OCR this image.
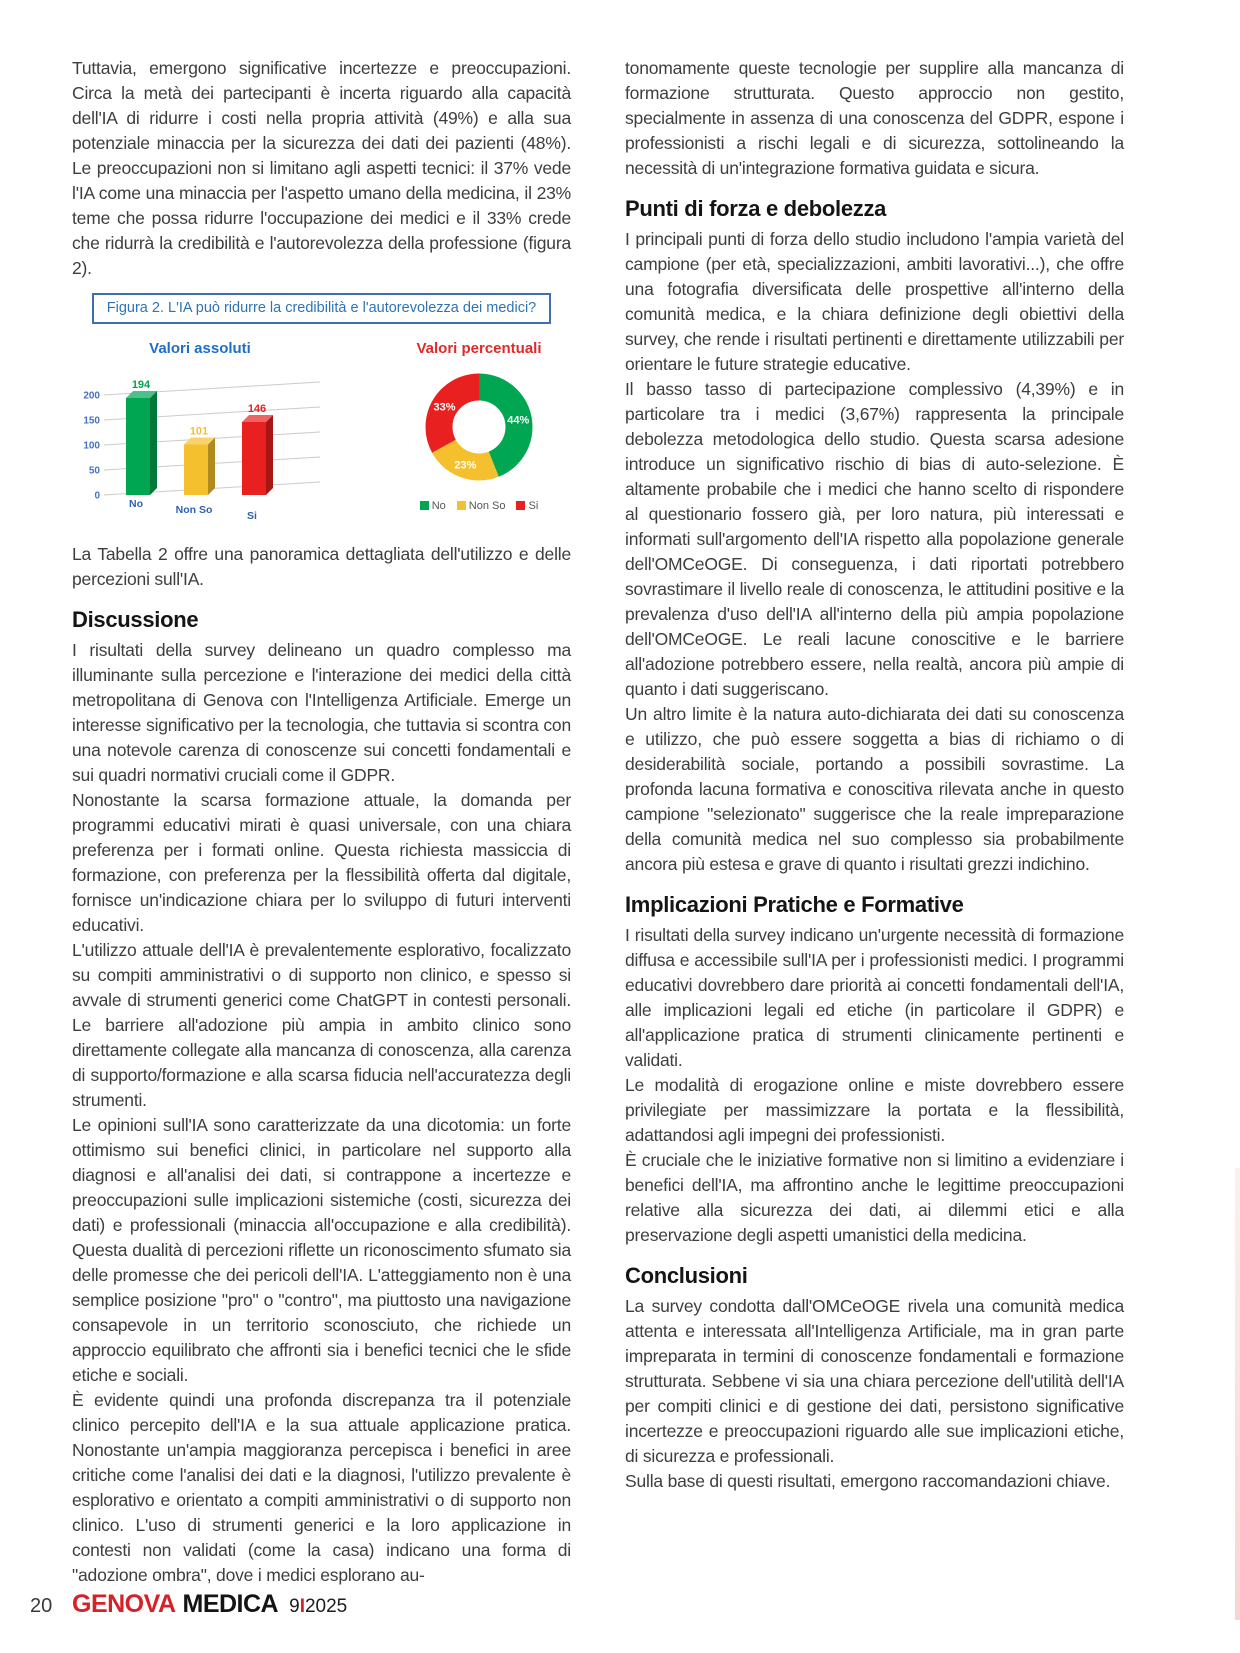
Tuttavia, emergono significative incertezze e preoccupazioni. Circa la metà dei partecipanti è incerta riguardo alla capacità dell'IA di ridurre i costi nella propria attività (49%) e alla sua potenziale minaccia per la sicurezza dei dati dei pazienti (48%). Le preoccupazioni non si limitano agli aspetti tecnici: il 37% vede l'IA come una minaccia per l'aspetto umano della medicina, il 23% teme che possa ridurre l'occupazione dei medici e il 33% crede che ridurrà la credibilità e l'autorevolezza della professione (figura 2).

Figura 2. L'IA può ridurre la credibilità e l'autorevolezza dei medici?
Valori assoluti
0
50
100
150
200
194
101
146
No	Non So	Si
Valori percentuali
44%
23%
33%
No	Non So	Si

La Tabella 2 offre una panoramica dettagliata dell'utilizzo e delle percezioni sull'IA.

Discussione

I risultati della survey delineano un quadro complesso ma illuminante sulla percezione e l'interazione dei medici della città metropolitana di Genova con l'Intelligenza Artificiale. Emerge un interesse significativo per la tecnologia, che tuttavia si scontra con una notevole carenza di conoscenze sui concetti fondamentali e sui quadri normativi cruciali come il GDPR.

Nonostante la scarsa formazione attuale, la domanda per programmi educativi mirati è quasi universale, con una chiara preferenza per i formati online. Questa richiesta massiccia di formazione, con preferenza per la flessibilità offerta dal digitale, fornisce un'indicazione chiara per lo sviluppo di futuri interventi educativi.

L'utilizzo attuale dell'IA è prevalentemente esplorativo, focalizzato su compiti amministrativi o di supporto non clinico, e spesso si avvale di strumenti generici come ChatGPT in contesti personali. Le barriere all'adozione più ampia in ambito clinico sono direttamente collegate alla mancanza di conoscenza, alla carenza di supporto/formazione e alla scarsa fiducia nell'accuratezza degli strumenti.

Le opinioni sull'IA sono caratterizzate da una dicotomia: un forte ottimismo sui benefici clinici, in particolare nel supporto alla diagnosi e all'analisi dei dati, si contrappone a incertezze e preoccupazioni sulle implicazioni sistemiche (costi, sicurezza dei dati) e professionali (minaccia all'occupazione e alla credibilità). Questa dualità di percezioni riflette un riconoscimento sfumato sia delle promesse che dei pericoli dell'IA. L'atteggiamento non è una semplice posizione "pro" o "contro", ma piuttosto una navigazione consapevole in un territorio sconosciuto, che richiede un approccio equilibrato che affronti sia i benefici tecnici che le sfide etiche e sociali.

È evidente quindi una profonda discrepanza tra il potenziale clinico percepito dell'IA e la sua attuale applicazione pratica. Nonostante un'ampia maggioranza percepisca i benefici in aree critiche come l'analisi dei dati e la diagnosi, l'utilizzo prevalente è esplorativo e orientato a compiti amministrativi o di supporto non clinico. L'uso di strumenti generici e la loro applicazione in contesti non validati (come la casa) indicano una forma di "adozione ombra", dove i medici esplorano au-

tonomamente queste tecnologie per supplire alla mancanza di formazione strutturata. Questo approccio non gestito, specialmente in assenza di una conoscenza del GDPR, espone i professionisti a rischi legali e di sicurezza, sottolineando la necessità di un'integrazione formativa guidata e sicura.

Punti di forza e debolezza

I principali punti di forza dello studio includono l'ampia varietà del campione (per età, specializzazioni, ambiti lavorativi...), che offre una fotografia diversificata delle prospettive all'interno della comunità medica, e la chiara definizione degli obiettivi della survey, che rende i risultati pertinenti e direttamente utilizzabili per orientare le future strategie educative.

Il basso tasso di partecipazione complessivo (4,39%) e in particolare tra i medici (3,67%) rappresenta la principale debolezza metodologica dello studio. Questa scarsa adesione introduce un significativo rischio di bias di auto-selezione. È altamente probabile che i medici che hanno scelto di rispondere al questionario fossero già, per loro natura, più interessati e informati sull'argomento dell'IA rispetto alla popolazione generale dell'OMCeOGE. Di conseguenza, i dati riportati potrebbero sovrastimare il livello reale di conoscenza, le attitudini positive e la prevalenza d'uso dell'IA all'interno della più ampia popolazione dell'OMCeOGE. Le reali lacune conoscitive e le barriere all'adozione potrebbero essere, nella realtà, ancora più ampie di quanto i dati suggeriscano.

Un altro limite è la natura auto-dichiarata dei dati su conoscenza e utilizzo, che può essere soggetta a bias di richiamo o di desiderabilità sociale, portando a possibili sovrastime. La profonda lacuna formativa e conoscitiva rilevata anche in questo campione "selezionato" suggerisce che la reale impreparazione della comunità medica nel suo complesso sia probabilmente ancora più estesa e grave di quanto i risultati grezzi indichino.

Implicazioni Pratiche e Formative

I risultati della survey indicano un'urgente necessità di formazione diffusa e accessibile sull'IA per i professionisti medici. I programmi educativi dovrebbero dare priorità ai concetti fondamentali dell'IA, alle implicazioni legali ed etiche (in particolare il GDPR) e all'applicazione pratica di strumenti clinicamente pertinenti e validati.

Le modalità di erogazione online e miste dovrebbero essere privilegiate per massimizzare la portata e la flessibilità, adattandosi agli impegni dei professionisti.

È cruciale che le iniziative formative non si limitino a evidenziare i benefici dell'IA, ma affrontino anche le legittime preoccupazioni relative alla sicurezza dei dati, ai dilemmi etici e alla preservazione degli aspetti umanistici della medicina.

Conclusioni

La survey condotta dall'OMCeOGE rivela una comunità medica attenta e interessata all'Intelligenza Artificiale, ma in gran parte impreparata in termini di conoscenze fondamentali e formazione strutturata. Sebbene vi sia una chiara percezione dell'utilità dell'IA per compiti clinici e di gestione dei dati, persistono significative incertezze e preoccupazioni riguardo alle sue implicazioni etiche, di sicurezza e professionali.

Sulla base di questi risultati, emergono raccomandazioni chiave.

20 GENOVA MEDICA 9I2025
